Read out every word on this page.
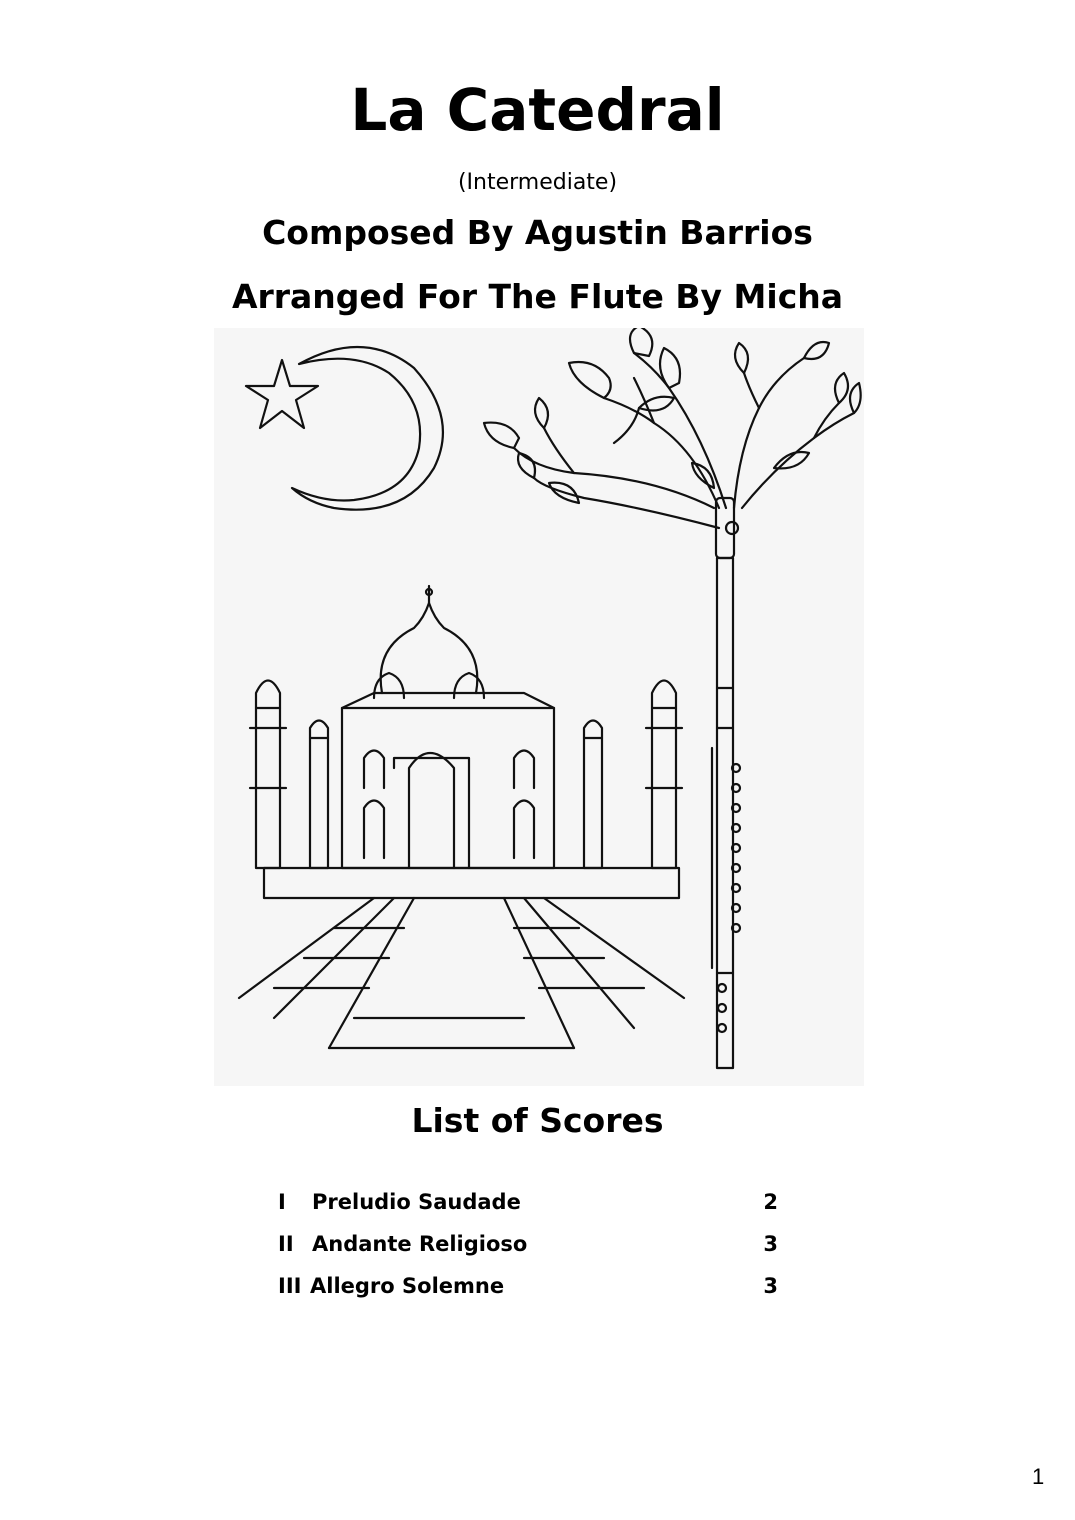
La Catedral
(Intermediate)
Composed By Agustin Barrios
Arranged For The Flute By Micha
List of Scores
I Preludio Saudade	2
II Andante Religioso	3
III Allegro Solemne	3
1
